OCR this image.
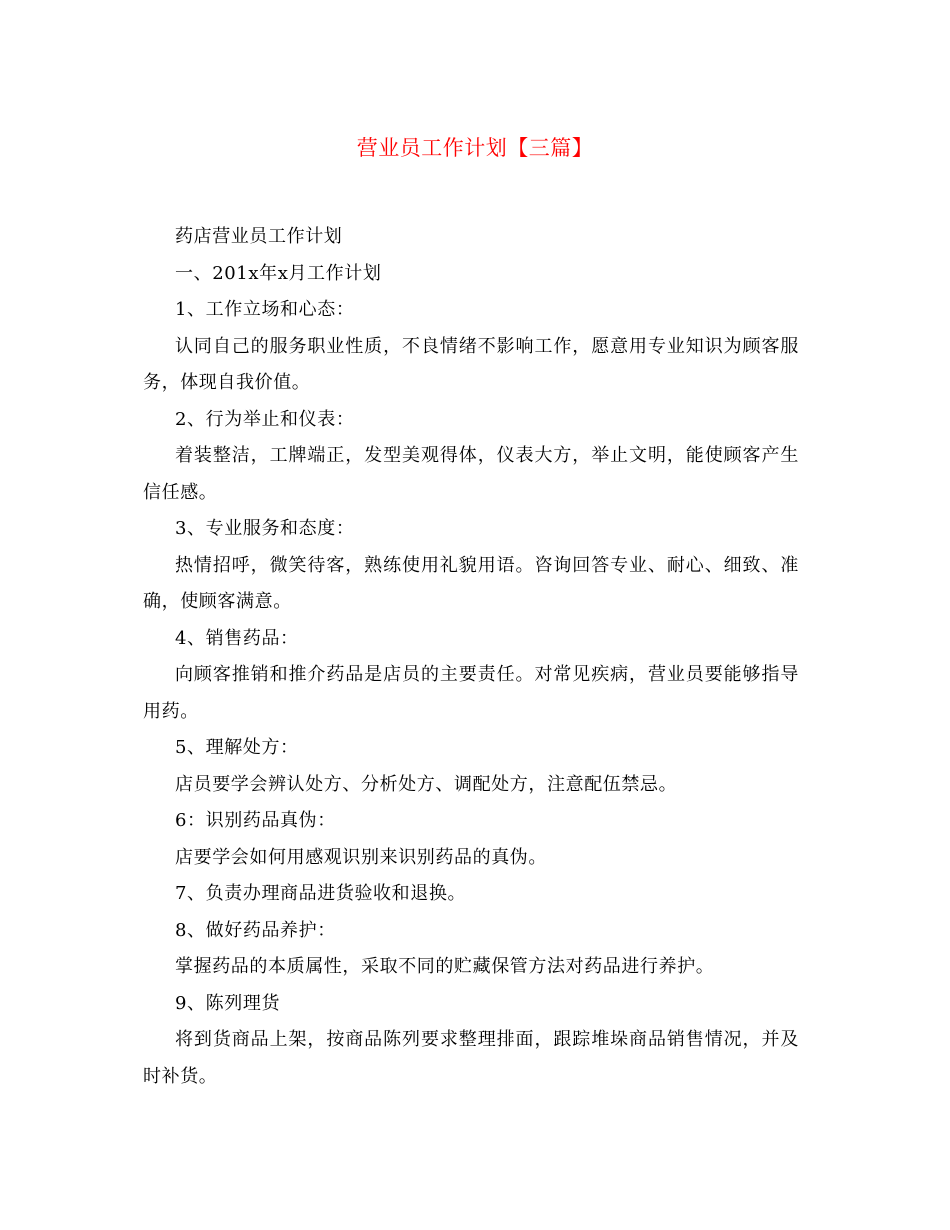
营业员工作计划【三篇】

药店营业员工作计划

一、201x年x月工作计划

1、工作立场和心态：

认同自己的服务职业性质，不良情绪不影响工作，愿意用专业知识为顾客服务，体现自我价值。

2、行为举止和仪表：

着装整洁，工牌端正，发型美观得体，仪表大方，举止文明，能使顾客产生信任感。

3、专业服务和态度：

热情招呼，微笑待客，熟练使用礼貌用语。咨询回答专业、耐心、细致、准确，使顾客满意。

4、销售药品：

向顾客推销和推介药品是店员的主要责任。对常见疾病，营业员要能够指导用药。

5、理解处方：

店员要学会辨认处方、分析处方、调配处方，注意配伍禁忌。

6：识别药品真伪：

店要学会如何用感观识别来识别药品的真伪。

7、负责办理商品进货验收和退换。

8、做好药品养护：

掌握药品的本质属性，采取不同的贮藏保管方法对药品进行养护。

9、陈列理货

将到货商品上架，按商品陈列要求整理排面，跟踪堆垛商品销售情况，并及时补货。
